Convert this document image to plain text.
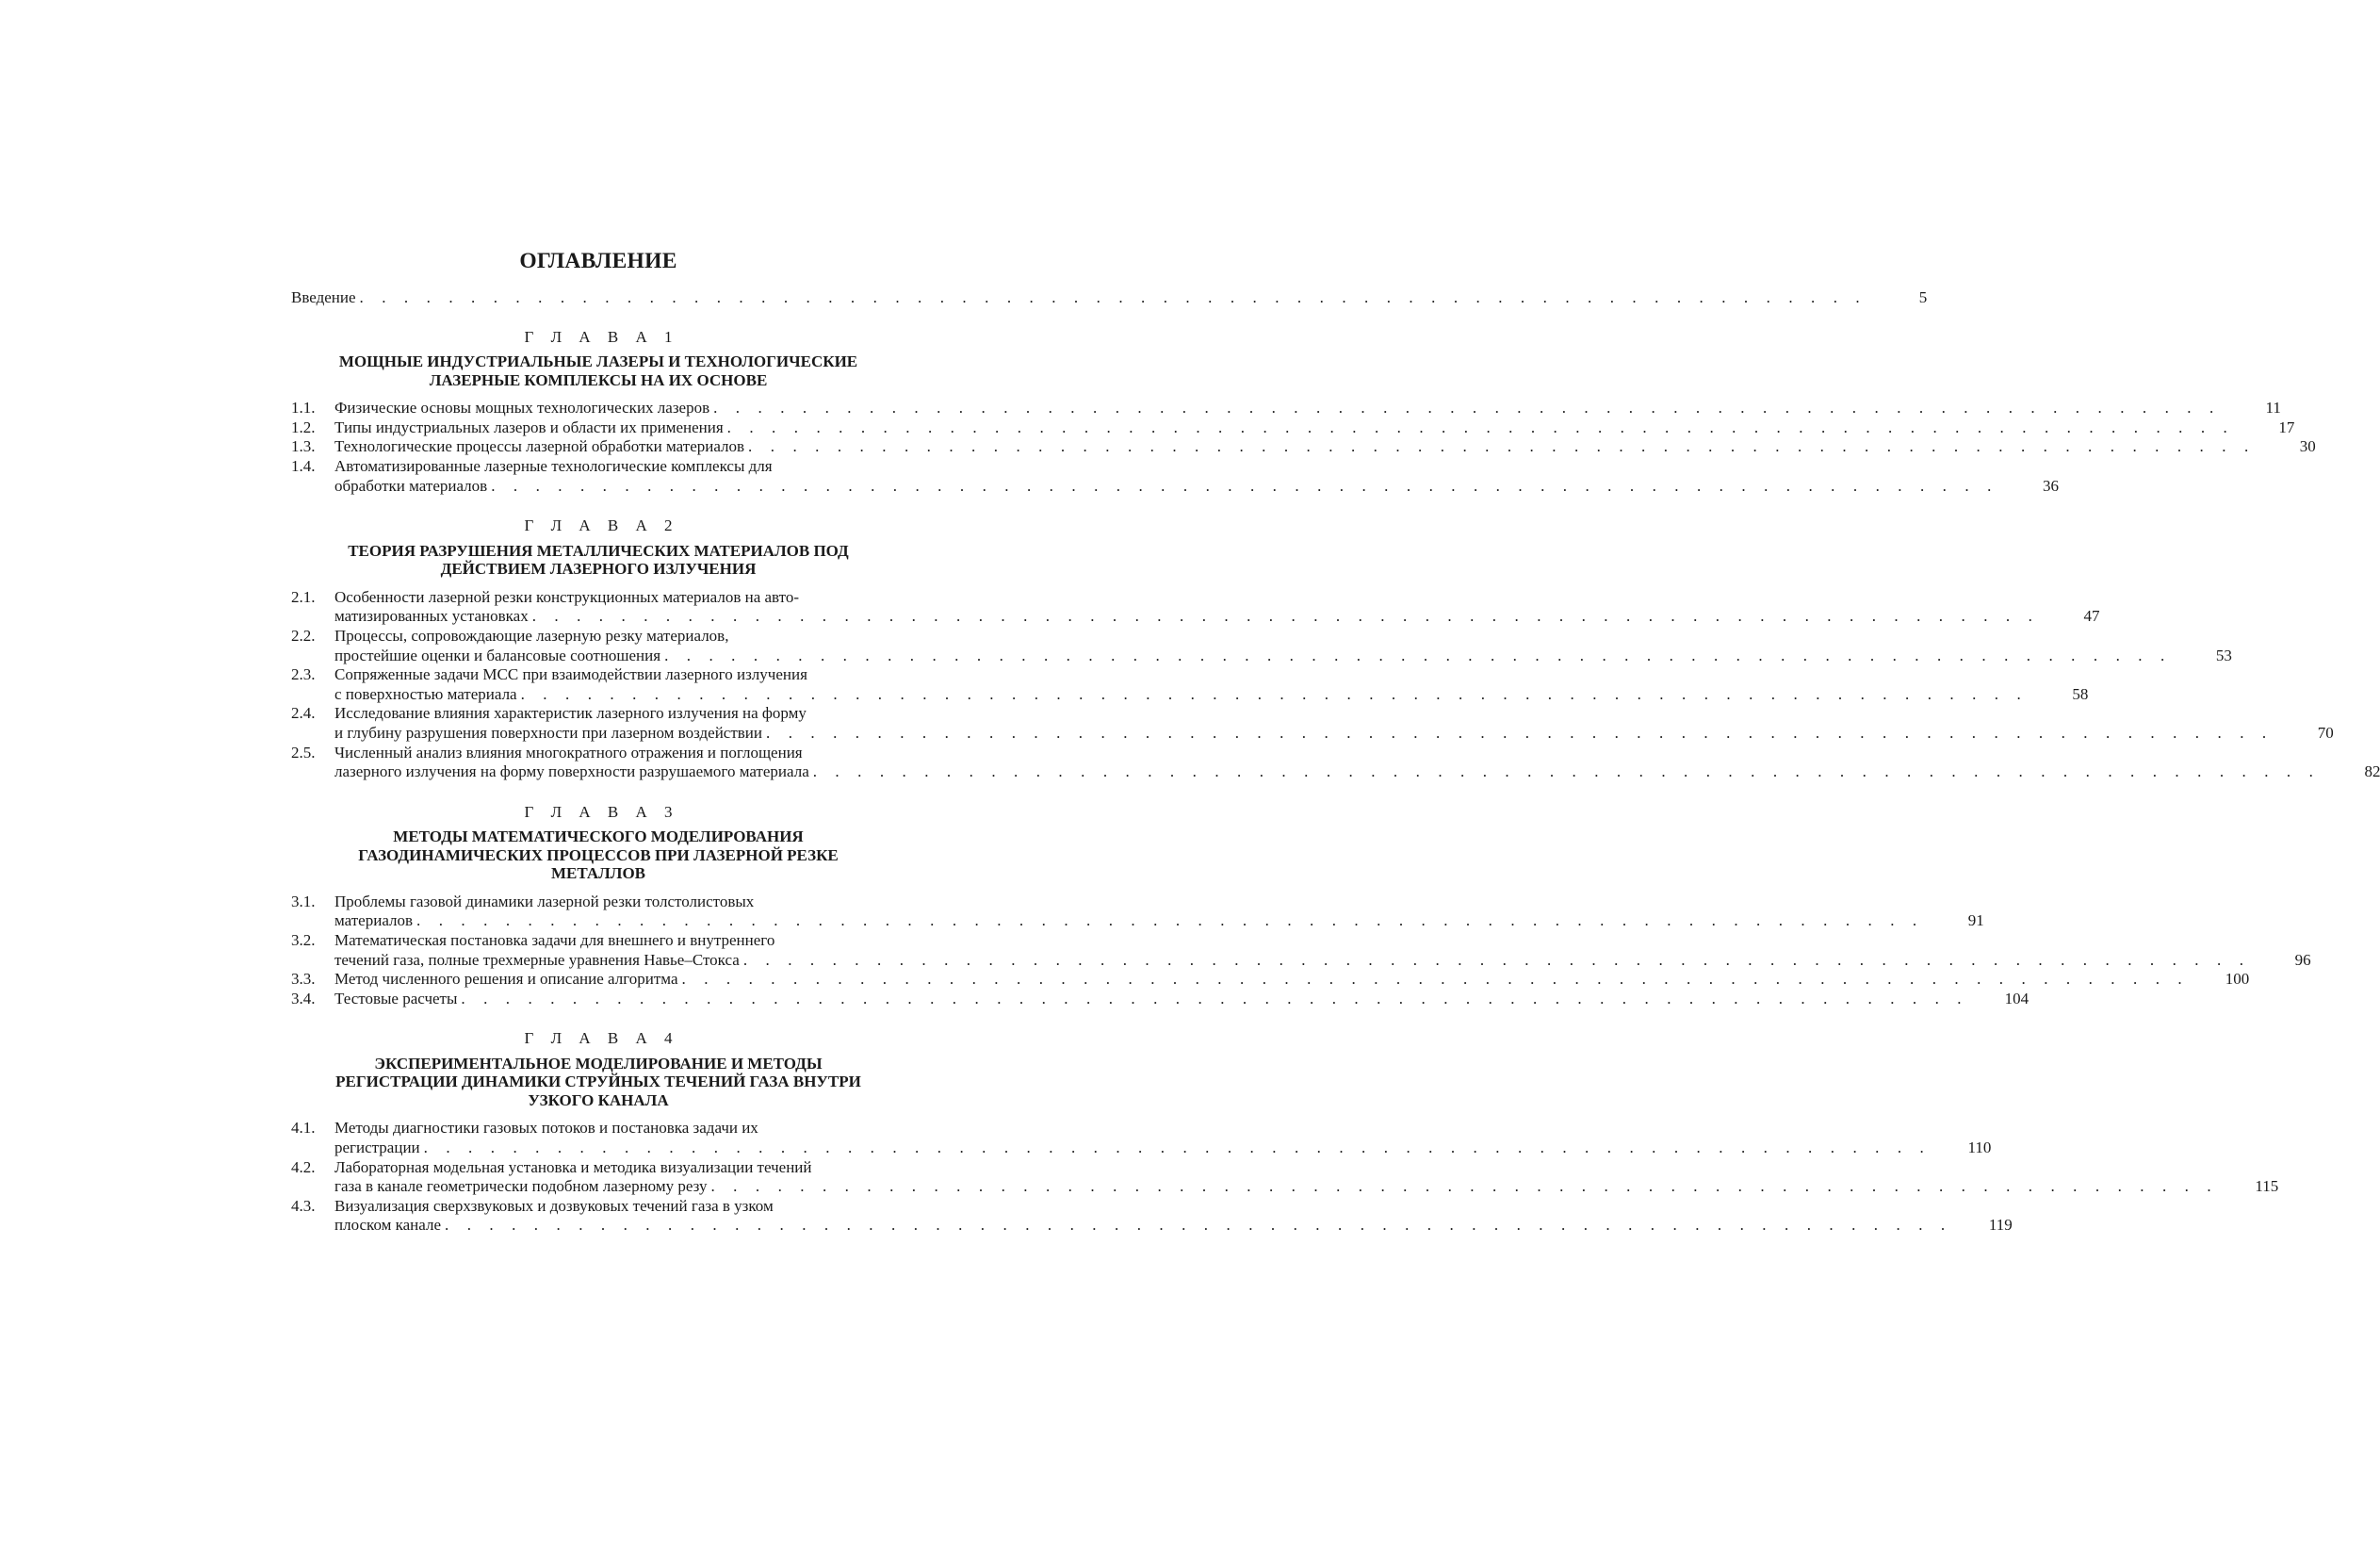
ОГЛАВЛЕНИЕ
Введение . . . . . . . . . . . . . . . . . . . . . . . . . . . . . . . . . . . . . . . . . . . . . . . . . . . . . . . . . . . . . . . . . . . .	5
Г Л А В А 1
МОЩНЫЕ ИНДУСТРИАЛЬНЫЕ ЛАЗЕРЫ И ТЕХНОЛОГИЧЕСКИЕ
ЛАЗЕРНЫЕ КОМПЛЕКСЫ НА ИХ ОСНОВЕ
1.1.	Физические основы мощных технологических лазеров . . . . . . . . . . . . . . . . . . . . . . . . . . . . . . . . . . . . . . . . . . . . . . . . . . . . . . . . . . . . . . . . . . . .	11
1.2.	Типы индустриальных лазеров и области их применения . . . . . . . . . . . . . . . . . . . . . . . . . . . . . . . . . . . . . . . . . . . . . . . . . . . . . . . . . . . . . . . . . . . .	17
1.3.	Технологические процессы лазерной обработки материалов . . . . . . . . . . . . . . . . . . . . . . . . . . . . . . . . . . . . . . . . . . . . . . . . . . . . . . . . . . . . . . . . . . . .	30
1.4.	Автоматизированные лазерные технологические комплексы для
обработки материалов . . . . . . . . . . . . . . . . . . . . . . . . . . . . . . . . . . . . . . . . . . . . . . . . . . . . . . . . . . . . . . . . . . . .	36
Г Л А В А 2
ТЕОРИЯ РАЗРУШЕНИЯ МЕТАЛЛИЧЕСКИХ МАТЕРИАЛОВ ПОД
ДЕЙСТВИЕМ ЛАЗЕРНОГО ИЗЛУЧЕНИЯ
2.1.	Особенности лазерной резки конструкционных материалов на авто-
матизированных установках . . . . . . . . . . . . . . . . . . . . . . . . . . . . . . . . . . . . . . . . . . . . . . . . . . . . . . . . . . . . . . . . . . . .	47
2.2.	Процессы, сопровождающие лазерную резку материалов,
простейшие оценки и балансовые соотношения . . . . . . . . . . . . . . . . . . . . . . . . . . . . . . . . . . . . . . . . . . . . . . . . . . . . . . . . . . . . . . . . . . . .	53
2.3.	Сопряженные задачи МСС при взаимодействии лазерного излучения
с поверхностью материала . . . . . . . . . . . . . . . . . . . . . . . . . . . . . . . . . . . . . . . . . . . . . . . . . . . . . . . . . . . . . . . . . . . .	58
2.4.	Исследование влияния характеристик лазерного излучения на форму
и глубину разрушения поверхности при лазерном воздействии . . . . . . . . . . . . . . . . . . . . . . . . . . . . . . . . . . . . . . . . . . . . . . . . . . . . . . . . . . . . . . . . . . . .	70
2.5.	Численный анализ влияния многократного отражения и поглощения
лазерного излучения на форму поверхности разрушаемого материала . . . . . . . . . . . . . . . . . . . . . . . . . . . . . . . . . . . . . . . . . . . . . . . . . . . . . . . . . . . . . . . . . . . .	82
Г Л А В А 3
МЕТОДЫ МАТЕМАТИЧЕСКОГО МОДЕЛИРОВАНИЯ
ГАЗОДИНАМИЧЕСКИХ ПРОЦЕССОВ ПРИ ЛАЗЕРНОЙ РЕЗКЕ
МЕТАЛЛОВ
3.1.	Проблемы газовой динамики лазерной резки толстолистовых
материалов . . . . . . . . . . . . . . . . . . . . . . . . . . . . . . . . . . . . . . . . . . . . . . . . . . . . . . . . . . . . . . . . . . . .	91
3.2.	Математическая постановка задачи для внешнего и внутреннего
течений газа, полные трехмерные уравнения Навье–Стокса . . . . . . . . . . . . . . . . . . . . . . . . . . . . . . . . . . . . . . . . . . . . . . . . . . . . . . . . . . . . . . . . . . . .	96
3.3.	Метод численного решения и описание алгоритма . . . . . . . . . . . . . . . . . . . . . . . . . . . . . . . . . . . . . . . . . . . . . . . . . . . . . . . . . . . . . . . . . . . . 100
3.4.	Тестовые расчеты . . . . . . . . . . . . . . . . . . . . . . . . . . . . . . . . . . . . . . . . . . . . . . . . . . . . . . . . . . . . . . . . . . . . 104
Г Л А В А 4
ЭКСПЕРИМЕНТАЛЬНОЕ МОДЕЛИРОВАНИЕ И МЕТОДЫ
РЕГИСТРАЦИИ ДИНАМИКИ СТРУЙНЫХ ТЕЧЕНИЙ ГАЗА ВНУТРИ
УЗКОГО КАНАЛА
4.1.	Методы диагностики газовых потоков и постановка задачи их
регистрации . . . . . . . . . . . . . . . . . . . . . . . . . . . . . . . . . . . . . . . . . . . . . . . . . . . . . . . . . . . . . . . . . . . . 110
4.2.	Лабораторная модельная установка и методика визуализации течений
газа в канале геометрически подобном лазерному резу . . . . . . . . . . . . . . . . . . . . . . . . . . . . . . . . . . . . . . . . . . . . . . . . . . . . . . . . . . . . . . . . . . . . 115
4.3.	Визуализация сверхзвуковых и дозвуковых течений газа в узком
плоском канале . . . . . . . . . . . . . . . . . . . . . . . . . . . . . . . . . . . . . . . . . . . . . . . . . . . . . . . . . . . . . . . . . . . . 119
